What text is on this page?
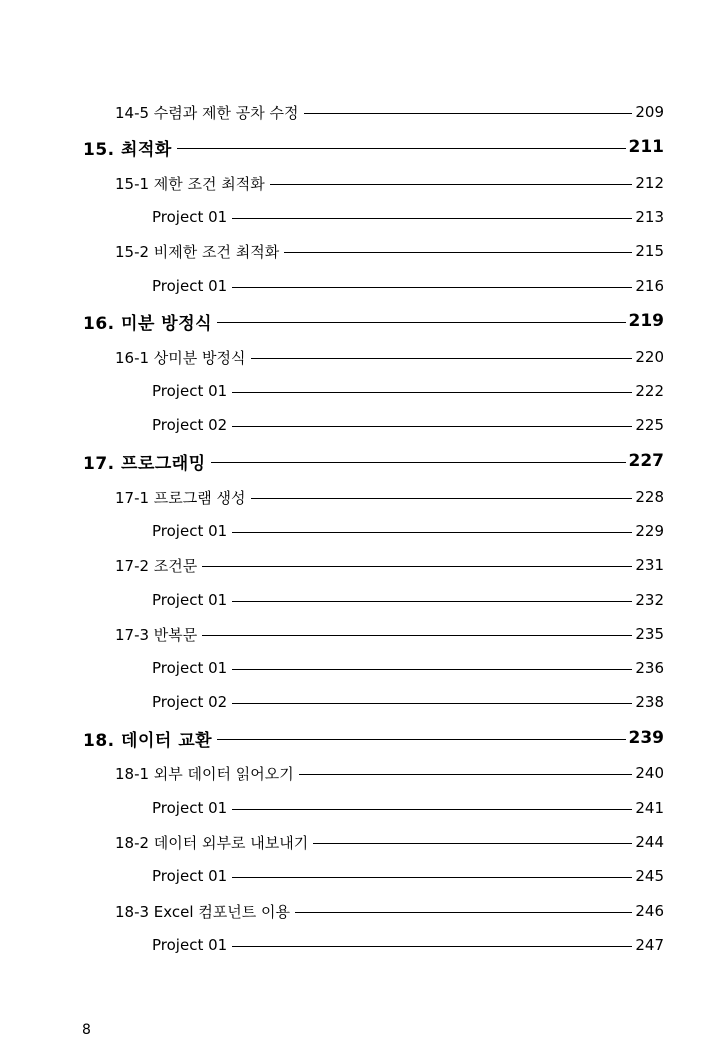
14-5 수렴과 제한 공차 수정	209
15. 최적화	211
15-1 제한 조건 최적화	212
Project 01	213
15-2 비제한 조건 최적화	215
Project 01	216
16. 미분 방정식	219
16-1 상미분 방정식	220
Project 01	222
Project 02	225
17. 프로그래밍	227
17-1 프로그램 생성	228
Project 01	229
17-2 조건문	231
Project 01	232
17-3 반복문	235
Project 01	236
Project 02	238
18. 데이터 교환	239
18-1 외부 데이터 읽어오기	240
Project 01	241
18-2 데이터 외부로 내보내기	244
Project 01	245
18-3 Excel 컴포넌트 이용	246
Project 01	247
8
